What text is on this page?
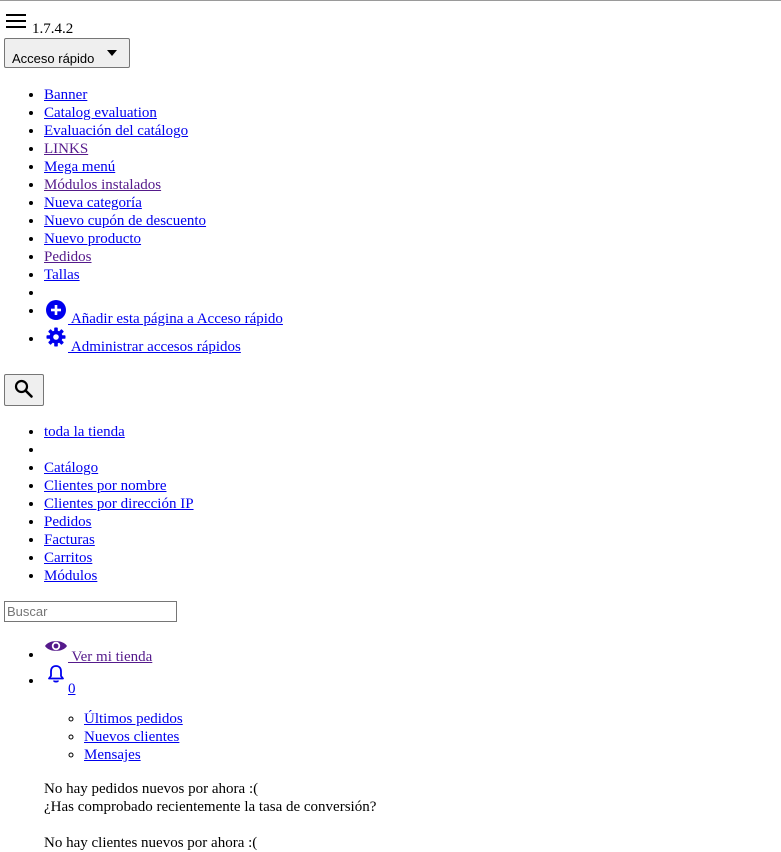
1.7.4.2
Acceso rápido
• Banner
• Catalog evaluation
• Evaluación del catálogo
• LINKS
• Mega menú
• Módulos instalados
• Nueva categoría
• Nuevo cupón de descuento
• Nuevo producto
• Pedidos
• Tallas
•
•
Añadir esta página a Acceso rápido
•
Administrar accesos rápidos
• toda la tienda
•
• Catálogo
• Clientes por nombre
• Clientes por dirección IP
• Pedidos
• Facturas
• Carritos
• Módulos
Buscar
•
Ver mi tienda
•
0
◦ Últimos pedidos
◦ Nuevos clientes
◦ Mensajes
No hay pedidos nuevos por ahora :(
¿Has comprobado recientemente la tasa de conversión?
No hay clientes nuevos por ahora :(
